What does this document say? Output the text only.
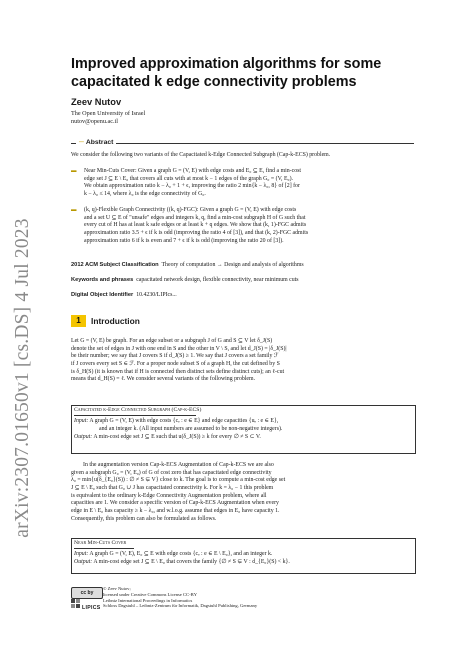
arXiv:2307.01650v1 [cs.DS] 4 Jul 2023
Improved approximation algorithms for some
capacitated k edge connectivity problems
Zeev Nutov
The Open University of Israel
nutov@openu.ac.il
─ Abstract
We consider the following two variants of the Capacitated k-Edge Connected Subgraph (Cap-k-ECS) problem.
▬ Near Min-Cuts Cover: Given a graph G = (V, E) with edge costs and E₀ ⊆ E, find a min-cost
edge set J ⊆ E \ E₀ that covers all cuts with at most k − 1 edges of the graph G₀ = (V, E₀).
We obtain approximation ratio k − λ₀ + 1 + ϵ, improving the ratio 2 min{k − λ₀, 8} of [2] for
k − λ₀ ≤ 14, where λ₀ is the edge connectivity of G₀.
▬ (k, q)-Flexible Graph Connectivity ((k, q)-FGC): Given a graph G = (V, E) with edge costs
and a set U ⊆ E of "unsafe" edges and integers k, q, find a min-cost subgraph H of G such that
every cut of H has at least k safe edges or at least k + q edges. We show that (k, 1)-FGC admits
approximation ratio 3.5 + ϵ if k is odd (improving the ratio 4 of [3]), and that (k, 2)-FGC admits
approximation ratio 6 if k is even and 7 + ϵ if k is odd (improving the ratio 20 of [3]).
2012 ACM Subject Classification Theory of computation → Design and analysis of algorithms
Keywords and phrases capacitated network design, flexible connectivity, near minimum cuts
Digital Object Identifier 10.4230/LIPIcs...
1	Introduction
Let G = (V, E) be graph. For an edge subset or a subgraph J of G and S ⊆ V let δ_J(S)
denote the set of edges in J with one end in S and the other in V \ S, and let d_J(S) = |δ_J(S)|
be their number; we say that J covers S if d_J(S) ≥ 1. We say that J covers a set family ℱ
if J covers every set S ∈ ℱ. For a proper node subset S of a graph H, the cut defined by S
is δ_H(S) (it is known that if H is connected then distinct sets define distinct cuts); an ℓ-cut
means that d_H(S) = ℓ. We consider several variants of the following problem.
Capacitated k-Edge Connected Subgraph (Cap-k-ECS)
Input: A graph G = (V, E) with edge costs {cₑ : e ∈ E} and edge capacities {uₑ : e ∈ E},
and an integer k. (All input numbers are assumed to be non-negative integers).
Output: A min-cost edge set J ⊆ E such that u(δ_J(S)) ≥ k for every ∅ ≠ S ⊂ V.
In the augmentation version Cap-k-ECS Augmentation of Cap-k-ECS we are also
given a subgraph G₀ = (V, E₀) of G of cost zero that has capacitated edge connectivity
λ₀ = min{u(δ_{E₀}(S)) : ∅ ≠ S ⊊ V} close to k. The goal is to compute a min-cost edge set
J ⊆ E \ E₀ such that G₀ ∪ J has capacitated connectivity k. For k = λ₀ − 1 this problem
is equivalent to the ordinary k-Edge Connectivity Augmentation problem, where all
capacities are 1. We consider a specific version of Cap-k-ECS Augmentation when every
edge in E \ E₀ has capacity ≥ k − λ₀, and w.l.o.g. assume that edges in E₀ have capacity 1.
Consequently, this problem can also be formulated as follows.
Near Min-Cuts Cover
Input: A graph G = (V, E), E₀ ⊆ E with edge costs {cₑ : e ∈ E \ E₀}, and an integer k.
Output: A min-cost edge set J ⊆ E \ E₀ that covers the family {∅ ≠ S ⊊ V : d_{E₀}(S) < k}.
cc by
© Zeev Nutov;
licensed under Creative Commons License CC-BY
Leibniz International Proceedings in Informatics
Schloss Dagstuhl – Leibniz-Zentrum für Informatik, Dagstuhl Publishing, Germany
LIPICS
